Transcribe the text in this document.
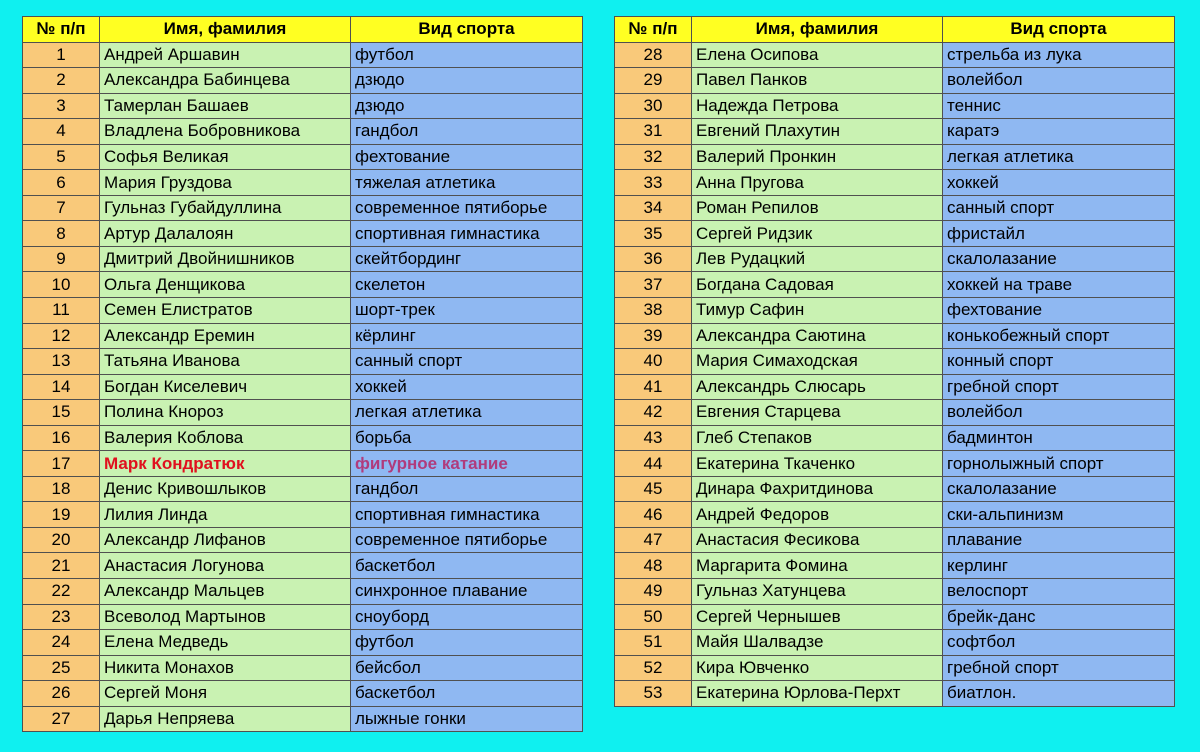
№ п/п	Имя, фамилия	Вид спорта
1	Андрей Аршавин	футбол
2	Александра Бабинцева	дзюдо
3	Тамерлан Башаев	дзюдо
4	Владлена Бобровникова	гандбол
5	Софья Великая	фехтование
6	Мария Груздова	тяжелая атлетика
7	Гульназ Губайдуллина	современное пятиборье
8	Артур Далалоян	спортивная гимнастика
9	Дмитрий Двойнишников	скейтбординг
10	Ольга Денщикова	скелетон
11	Семен Елистратов	шорт-трек
12	Александр Еремин	кёрлинг
13	Татьяна Иванова	санный спорт
14	Богдан Киселевич	хоккей
15	Полина Кнороз	легкая атлетика
16	Валерия Коблова	борьба
17	Марк Кондратюк	фигурное катание
18	Денис Кривошлыков	гандбол
19	Лилия Линда	спортивная гимнастика
20	Александр Лифанов	современное пятиборье
21	Анастасия Логунова	баскетбол
22	Александр Мальцев	синхронное плавание
23	Всеволод Мартынов	сноуборд
24	Елена Медведь	футбол
25	Никита Монахов	бейсбол
26	Сергей Моня	баскетбол
27	Дарья Непряева	лыжные гонки
№ п/п	Имя, фамилия	Вид спорта
28	Елена Осипова	стрельба из лука
29	Павел Панков	волейбол
30	Надежда Петрова	теннис
31	Евгений Плахутин	каратэ
32	Валерий Пронкин	легкая атлетика
33	Анна Пругова	хоккей
34	Роман Репилов	санный спорт
35	Сергей Ридзик	фристайл
36	Лев Рудацкий	скалолазание
37	Богдана Садовая	хоккей на траве
38	Тимур Сафин	фехтование
39	Александра Саютина	конькобежный спорт
40	Мария Симаходская	конный спорт
41	Александрь Слюсарь	гребной спорт
42	Евгения Старцева	волейбол
43	Глеб Степаков	бадминтон
44	Екатерина Ткаченко	горнолыжный спорт
45	Динара Фахритдинова	скалолазание
46	Андрей Федоров	ски-альпинизм
47	Анастасия Фесикова	плавание
48	Маргарита Фомина	керлинг
49	Гульназ Хатунцева	велоспорт
50	Сергей Чернышев	брейк-данс
51	Майя Шалвадзе	софтбол
52	Кира Ювченко	гребной спорт
53	Екатерина Юрлова-Перхт	биатлон.
